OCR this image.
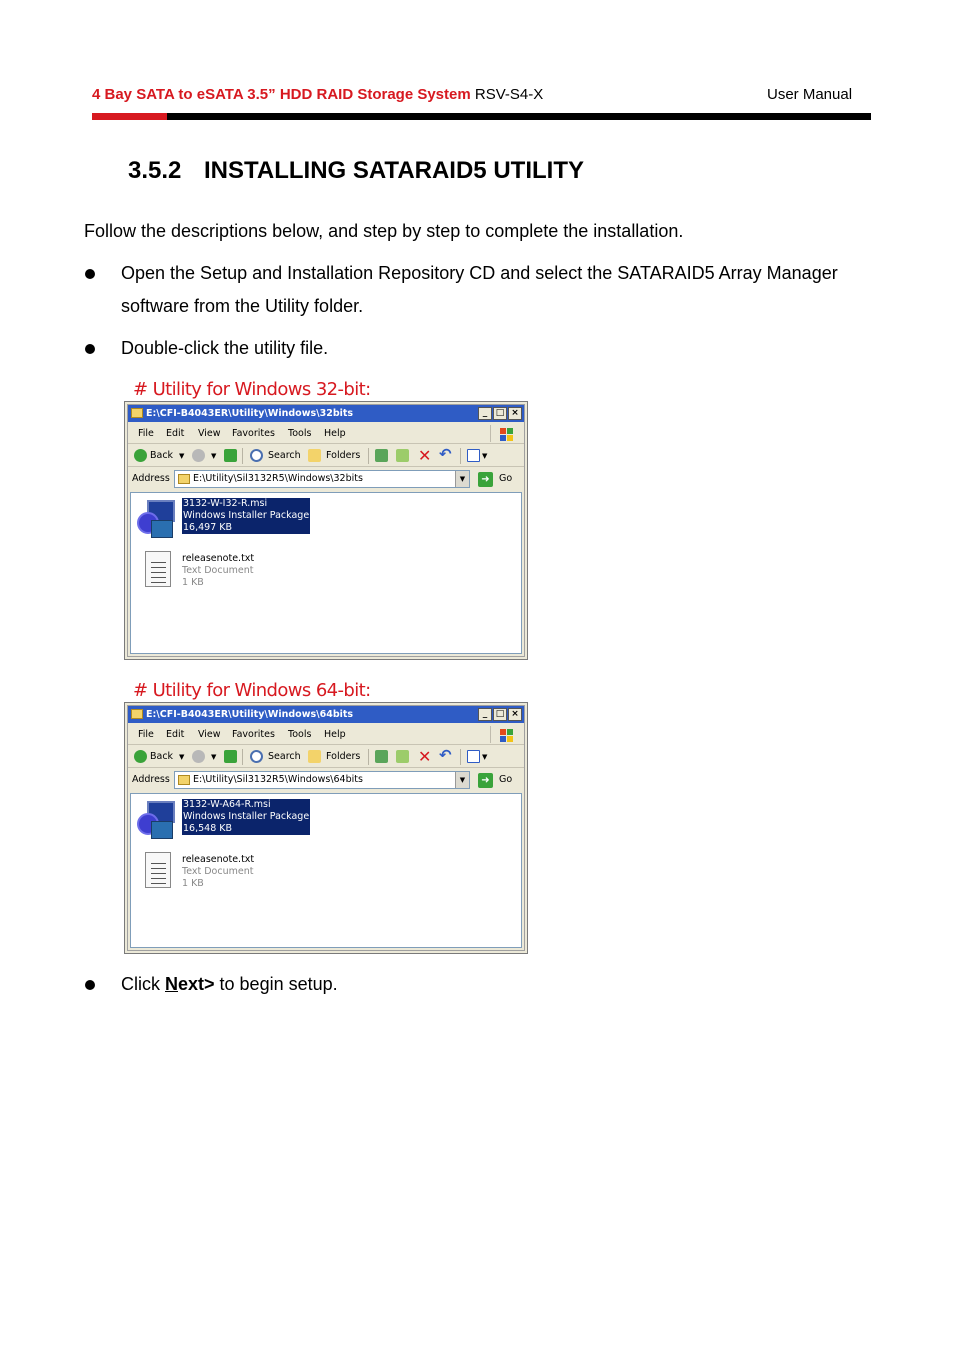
4 Bay SATA to eSATA 3.5” HDD RAID Storage System RSV-S4-X	User Manual
3.5.2 INSTALLING SATARAID5 UTILITY
Follow the descriptions below, and step by step to complete the installation.
Open the Setup and Installation Repository CD and select the SATARAID5 Array Manager software from the Utility folder.
Double-click the utility file.
# Utility for Windows 32-bit:
E:\CFI-B4043ER\Utility\Windows\32bits	_ □ ×
File Edit View Favorites Tools Help
Back ▼	▼	Search	Folders	✕ ↶	▼
Address	E:\Utility\Sil3132R5\Windows\32bits	▼	➜ Go
3132-W-I32-R.msi
Windows Installer Package
16,497 KB
releasenote.txt
Text Document
1 KB
# Utility for Windows 64-bit:
E:\CFI-B4043ER\Utility\Windows\64bits	_ □ ×
File Edit View Favorites Tools Help
Back ▼	▼	Search	Folders	✕ ↶	▼
Address	E:\Utility\Sil3132R5\Windows\64bits	▼	➜ Go
3132-W-A64-R.msi
Windows Installer Package
16,548 KB
releasenote.txt
Text Document
1 KB
Click Next> to begin setup.
